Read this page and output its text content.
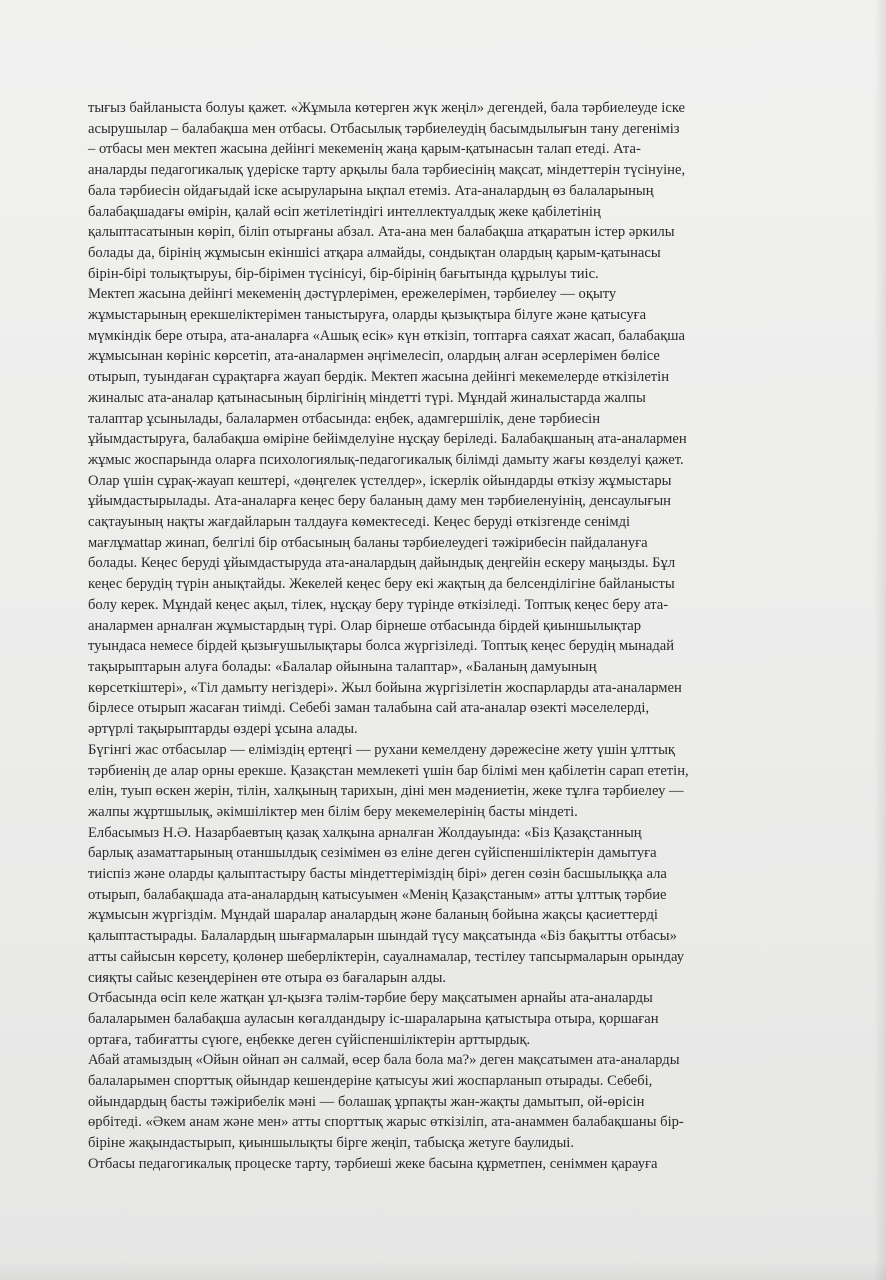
тығыз байланыста болуы қажет. «Жұмыла көтерген жүк жеңіл» дегендей, бала тәрбиелеуде іске
асырушылар – балабақша мен отбасы. Отбасылық тәрбиелеудің басымдылығын тану дегеніміз
– отбасы мен мектеп жасына дейінгі мекеменің жаңа қарым-қатынасын талап етеді. Ата-
аналарды педагогикалық үдеріске тарту арқылы бала тәрбиесінің мақсат, міндеттерін түсінуіне,
бала тәрбиесін ойдағыдай іске асыруларына ықпал етеміз. Ата-аналардың өз балаларының
балабақшадағы өмірін, қалай өсіп жетілетіндігі интеллектуалдық жеке қабілетінің
қалыптасатынын көріп, біліп отырғаны абзал. Ата-ана мен балабақша атқаратын істер әркилы
болады да, бірінің жұмысын екіншісі атқара алмайды, сондықтан олардың қарым-қатынасы
бірін-бірі толықтыруы, бір-бірімен түсінісуі, бір-бірінің бағытында құрылуы тиіс.
Мектеп жасына дейінгі мекеменің дәстүрлерімен, ережелерімен, тәрбиелеу — оқыту
жұмыстарының ерекшеліктерімен таныстыруға, оларды қызықтыра білуге және қатысуға
мүмкіндік бере отыра, ата-аналарға «Ашық есік» күн өткізіп, топтарға саяхат жасап, балабақша
жұмысынан көрініс көрсетіп, ата-аналармен әңгімелесіп, олардың алған әсерлерімен бөлісе
отырып, туындаған сұрақтарға жауап бердік. Мектеп жасына дейінгі мекемелерде өткізілетін
жиналыс ата-аналар қатынасының бірлігінің міндетті түрі. Мұндай жиналыстарда жалпы
талаптар ұсынылады, балалармен отбасында: еңбек, адамгершілік, дене тәрбиесін
ұйымдастыруға, балабақша өміріне бейімделуіне нұсқау беріледі. Балабақшаның ата-аналармен
жұмыс жоспарында оларға психологиялық-педагогикалық білімді дамыту жағы көзделуі қажет.
Олар үшін сұрақ-жауап кештері, «дөңгелек үстелдер», іскерлік ойындарды өткізу жұмыстары
ұйымдастырылады. Ата-аналарға кеңес беру баланың даму мен тәрбиеленуінің, денсаулығын
сақтауының нақты жағдайларын талдауға көмектеседі. Кеңес беруді өткізгенде сенімді
мағлұмattар жинап, белгілі бір отбасының баланы тәрбиелеудегі тәжірибесін пайдалануға
болады. Кеңес беруді ұйымдастыруда ата-аналардың дайындық деңгейін ескеру маңызды. Бұл
кеңес берудің түрін анықтайды. Жекелей кеңес беру екі жақтың да белсенділігіне байланысты
болу керек. Мұндай кеңес ақыл, тілек, нұсқау беру түрінде өткізіледі. Топтық кеңес беру ата-
аналармен арналған жұмыстардың түрі. Олар бірнеше отбасында бірдей қиыншылықтар
туындаса немесе бірдей қызығушылықтары болса жүргізіледі. Топтық кеңес берудің мынадай
тақырыптарын алуға болады: «Балалар ойынына талаптар», «Баланың дамуының
көрсеткіштері», «Тіл дамыту негіздері». Жыл бойына жүргізілетін жоспарларды ата-аналармен
бірлесе отырып жасаған тиімді. Себебі заман талабына сай ата-аналар өзекті мәселелерді,
әртүрлі тақырыптарды өздері ұсына алады.
Бүгінгі жас отбасылар — еліміздің ертеңгі — рухани кемелдену дәрежесіне жету үшін ұлттық
тәрбиенің де алар орны ерекше. Қазақстан мемлекеті үшін бар білімі мен қабілетін сарап ететін,
елін, туып өскен жерін, тілін, халқының тарихын, діні мен мәдениетін, жеке тұлға тәрбиелеу —
жалпы жұртшылық, әкімшіліктер мен білім беру мекемелерінің басты міндеті.
Елбасымыз Н.Ә. Назарбаевтың қазақ халқына арналған Жолдауында: «Біз Қазақстанның
барлық азаматтарының отаншылдық сезімімен өз еліне деген сүйіспеншіліктерін дамытуға
тиіспіз және оларды қалыптастыру басты міндеттеріміздің бірі» деген сөзін басшылыққа ала
отырып, балабақшада ата-аналардың катысуымен «Менің Қазақстаным» атты ұлттық тәрбие
жұмысын жүргіздім. Мұндай шаралар аналардың және баланың бойына жақсы қасиеттерді
қалыптастырады. Балалардың шығармаларын шындай түсу мақсатында «Біз бақытты отбасы»
атты сайысын көрсету, қолөнер шеберліктерін, сауалнамалар, тестілеу тапсырмаларын орындау
сияқты сайыс кезеңдерінен өте отыра өз бағаларын алды.
Отбасында өсіп келе жатқан ұл-қызға тәлім-тәрбие беру мақсатымен арнайы ата-аналарды
балаларымен балабақша ауласын көгалдандыру іс-шараларына қатыстыра отыра, қоршаған
ортаға, табиғатты сүюге, еңбекке деген сүйіспеншіліктерін арттырдық.
Абай атамыздың «Ойын ойнап ән салмай, өсер бала бола ма?» деген мақсатымен ата-аналарды
балаларымен спорттық ойындар кешендеріне қатысуы жиі жоспарланып отырады. Себебі,
ойындардың басты тәжірибелік мәні — болашақ ұрпақты жан-жақты дамытып, ой-өрісін
өрбітеді. «Әкем анам және мен» атты спорттық жарыс өткізіліп, ата-анаммен балабақшаны бір-
біріне жақындастырып, қиыншылықты бірге жеңіп, табысқа жетуге баулидыі.
Отбасы педагогикалық процеске тарту, тәрбиеші жеке басына құрметпен, сеніммен қарауға
